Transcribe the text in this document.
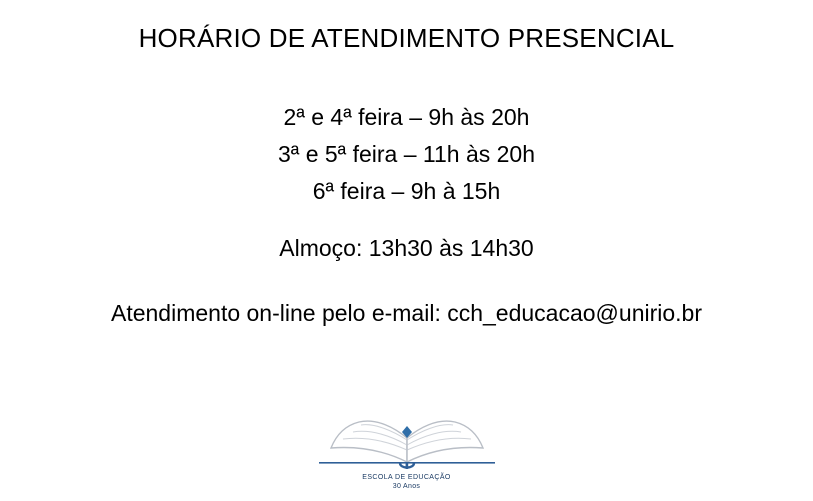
HORÁRIO DE ATENDIMENTO PRESENCIAL
2ª e 4ª feira – 9h às 20h
3ª e 5ª feira – 11h às 20h
6ª feira – 9h à 15h
Almoço: 13h30 às 14h30
Atendimento on-line pelo e-mail: cch_educacao@unirio.br
ESCOLA DE EDUCAÇÃO
30 Anos
